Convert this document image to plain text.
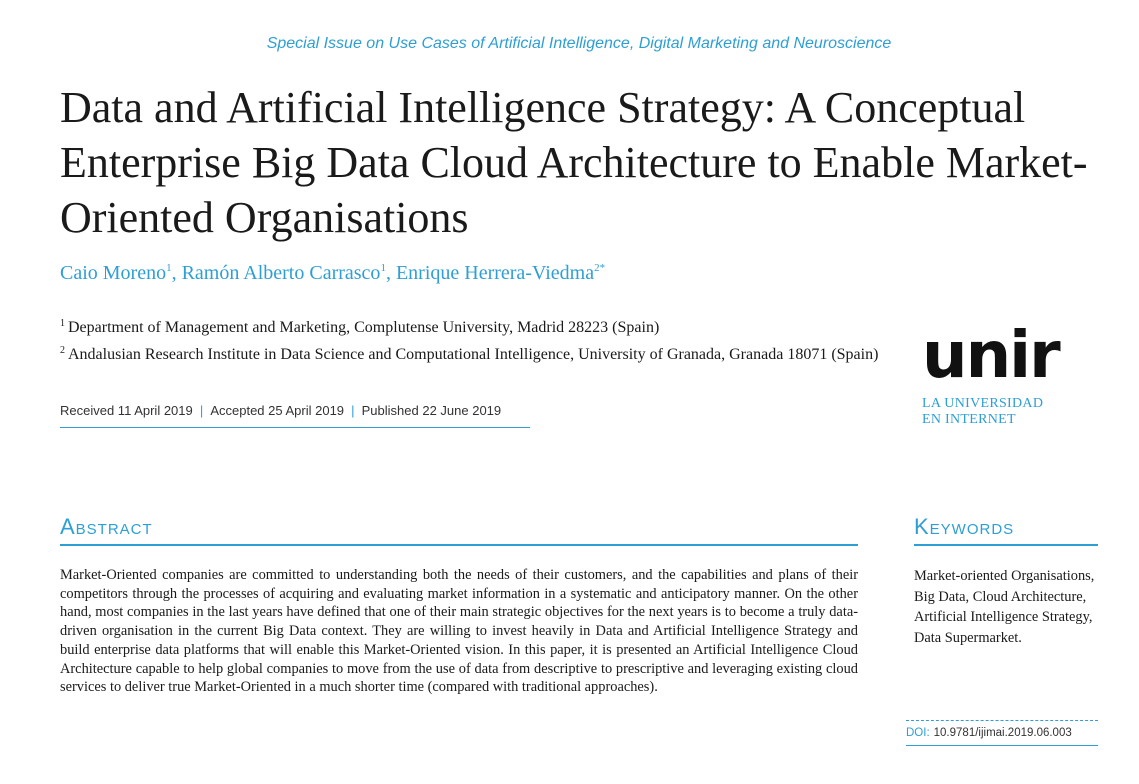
Special Issue on Use Cases of Artificial Intelligence, Digital Marketing and Neuroscience
Data and Artificial Intelligence Strategy: A Conceptual Enterprise Big Data Cloud Architecture to Enable Market-Oriented Organisations
Caio Moreno$^1$, Ramón Alberto Carrasco$^1$, Enrique Herrera-Viedma$^{2*}$
$^1$ Department of Management and Marketing, Complutense University, Madrid 28223 (Spain)
$^2$ Andalusian Research Institute in Data Science and Computational Intelligence, University of Granada, Granada 18071 (Spain)
Received 11 April 2019 | Accepted 25 April 2019 | Published 22 June 2019
unir
LA UNIVERSIDAD
EN INTERNET
Abstract	Keywords

Market-Oriented companies are committed to understanding both the needs of their customers, and the capabilities and plans of their competitors through the processes of acquiring and evaluating market information in a systematic and anticipatory manner. On the other hand, most companies in the last years have defined that one of their main strategic objectives for the next years is to become a truly data-driven organisation in the current Big Data context. They are willing to invest heavily in Data and Artificial Intelligence Strategy and build enterprise data platforms that will enable this Market-Oriented vision. In this paper, it is presented an Artificial Intelligence Cloud Architecture capable to help global companies to move from the use of data from descriptive to prescriptive and leveraging existing cloud services to deliver true Market-Oriented in a much shorter time (compared with traditional approaches).

Market-oriented Organisations, Big Data, Cloud Architecture, Artificial Intelligence Strategy, Data Supermarket.

DOI: 10.9781/ijimai.2019.06.003
